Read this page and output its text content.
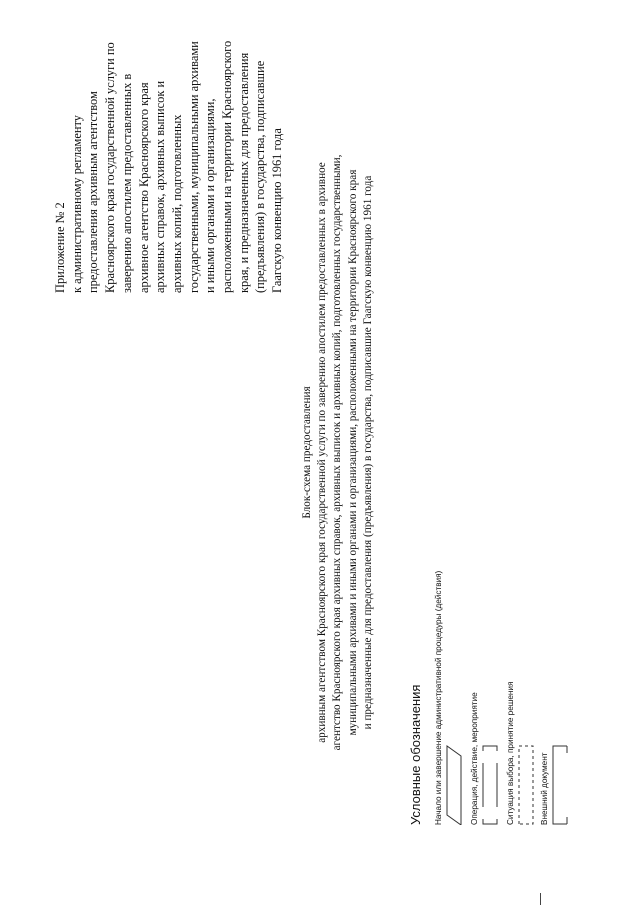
Приложение № 2 к административному регламенту предоставления архивным агентством Красноярского края государственной услуги по заверению апостилем предоставленных в архивное агентство Красноярского края архивных справок, архивных выписок и архивных копий, подготовленных государственными, муниципальными архивами и иными органами и организациями, расположенными на территории Красноярского края, и предназначенных для предоставления (предъявления) в государства, подписавшие Гаагскую конвенцию 1961 года
Блок-схема предоставления архивным агентством Красноярского края государственной услуги по заверению апостилем предоставленных в архивное агентство Красноярского края архивных справок, архивных выписок и архивных копий, подготовленных государственными, муниципальными архивами и иными органами и организациями, расположенными на территории Красноярского края и предназначенные для предоставления (предъявления) в государства, подписавшие Гаагскую конвенцию 1961 года
Условные обозначения Начало или завершение административной процедуры (действия)	Операция, действие, мероприятие	Ситуация выбора, принятие решения	Внешний документ
